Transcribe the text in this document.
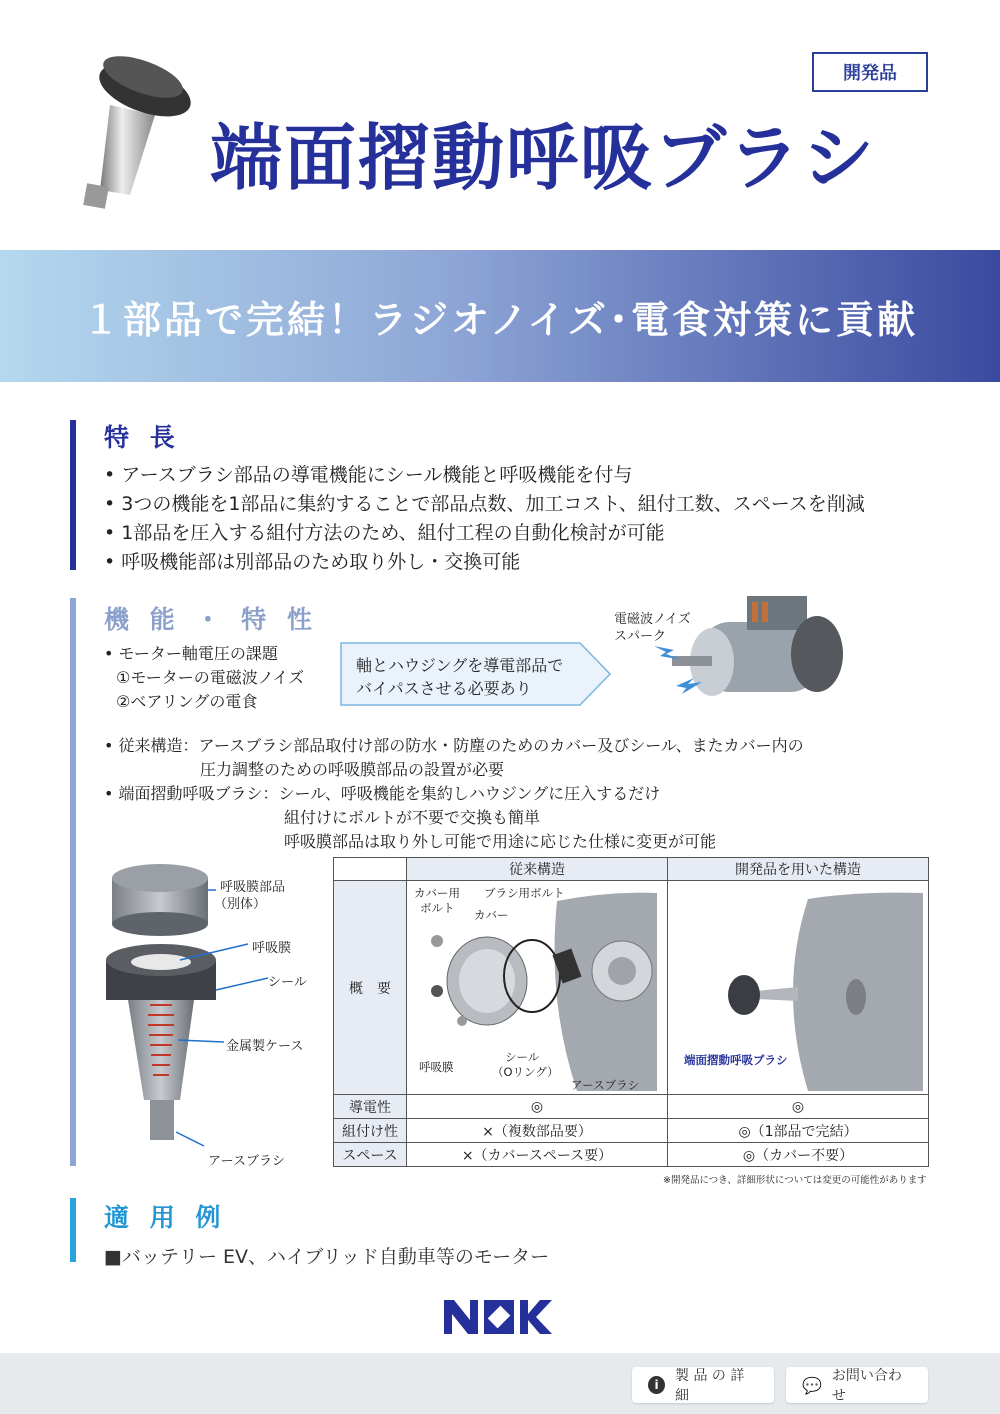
開発品
端面摺動呼吸ブラシ
１部品で完結！ラジオノイズ･電食対策に貢献
特 長
• アースブラシ部品の導電機能にシール機能と呼吸機能を付与
• 3つの機能を1部品に集約することで部品点数、加工コスト、組付工数、スペースを削減
• 1部品を圧入する組付方法のため、組付工程の自動化検討が可能
• 呼吸機能部は別部品のため取り外し・交換可能
機 能 ・ 特 性
• モーター軸電圧の課題
①モーターの電磁波ノイズ
②ベアリングの電食
軸とハウジングを導電部品で
バイパスさせる必要あり
電磁波ノイズ
スパーク
• 従来構造：アースブラシ部品取付け部の防水・防塵のためのカバー及びシール、またカバー内の
圧力調整のための呼吸膜部品の設置が必要
• 端面摺動呼吸ブラシ：シール、呼吸機能を集約しハウジングに圧入するだけ
組付けにボルトが不要で交換も簡単
呼吸膜部品は取り外し可能で用途に応じた仕様に変更が可能
呼吸膜部品
（別体）
呼吸膜
シール
金属製ケース
アースブラシ
	従来構造	開発品を用いた構造
概　要		
導電性	◎	◎
組付け性	×（複数部品要）	◎（1部品で完結）
スペース	×（カバースペース要）	◎（カバー不要）
カバー用
ボルト
ブラシ用ボルト
カバー
呼吸膜
シール
（Oリング）
アースブラシ
端面摺動呼吸ブラシ
※開発品につき、詳細形状については変更の可能性があります
適 用 例
■バッテリー EV、ハイブリッド自動車等のモーター
i
製 品 の 詳 細
💬 お問い合わせ
